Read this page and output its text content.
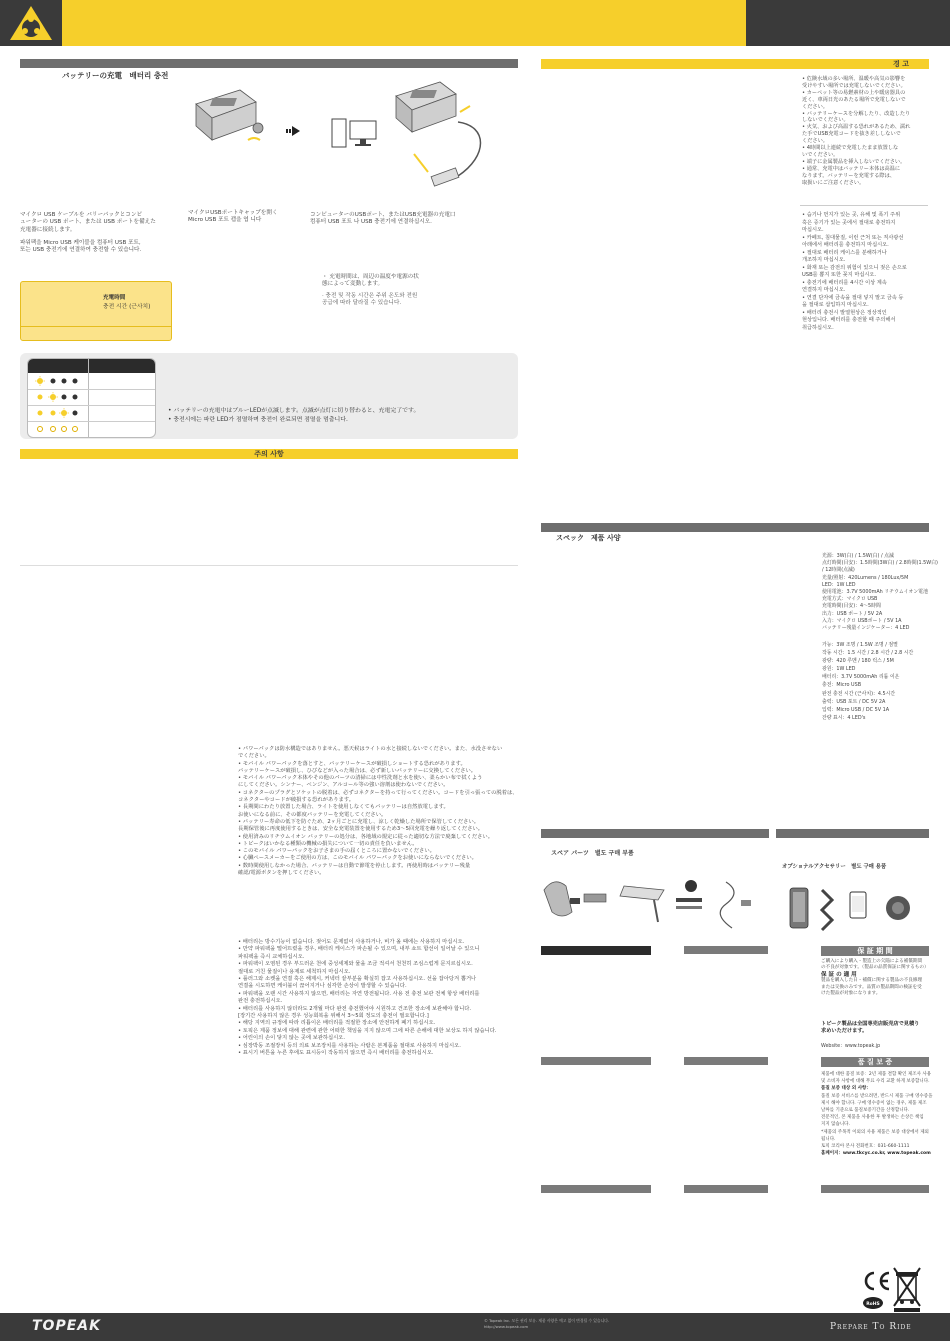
バッテリーの充電　배터리 충전
マイクロ USB ケーブルを バリーパックとコンピ
ューターの USB ポート、または USB ポートを備えた
充電器に接続します。
파워팩을 Micro USB 케이블을 컴퓨터 USB 포트,
또는 USB 충전기에 연결하여 충전할 수 있습니다.
マイクロUSBポートキャップを開く
Micro USB 포트 캡을 엽 니다
コンピューターのUSBポート、またはUSB充電器の充電口
컴퓨터 USB 포트 나 USB 충전기에 연결하십시오.
充電時間
충전 시간 (근사치)
・ 充電時間は、周辺の温度や電源の状
態によって変動します。
· 충전 및 작동 시간은 주위 온도와 전원
공급에 따라 달라질 수 있습니다.
• バッテリーの充電中はブルーLEDが点滅します。点滅が点灯に切り替わると、充電完了です。
• 충전시에는 파란 LED가 점멸하며 충전이 완료되면 점멸을 멈춥니다.
주의 사항
• パワーパックは防水構造ではありません。悪天候はライトの水と接続しないでください。また、水没させない
でください。
• モバイル パワーパックを落とすと、バッテリーケースが破損しショートする恐れがあります。
バッテリーケースが破損し、ひびなどが入った場合は、必ず新しいバッテリーに交換してください。
• モバイル パワーパック本体やその他のパーツの清掃には中性洗剤と水を使い、柔らかい布で拭くよう
にしてください。シンナー、ベンジン、アルコール等の強い溶剤は使わないでください。
• コネクターのプラグとソケットの脱着は、必ずコネクターを持って行ってください。コードを引っ張っての脱着は、
コネクターやコードが破損する恐れがあります。
• 長期間にわたり放置した場合、ライトを使用しなくてもバッテリーは自然放電します。
お使いになる前に、その都度バッテリーを充電してください。
• バッテリー寿命の低下を防ぐため、2ヶ月ごとに充電し、涼しく乾燥した場所で保管してください。
長期保管後に再度使用するときは、安全な充電装置を使用するため3〜5回充電を繰り返してください。
• 使用済みのリチウムイオン バッテリーの処分は、各地域の規定に従った適切な方法で廃棄してください。
• トピークはいかなる種類の機械の損失について一切の責任を負いません。
• このモバイル パワーパックをお子さまの手の届くところに置かないでください。
• 心臓ペースメーカーをご使用の方は、このモバイル パワーパックをお使いにならないでください。
• 数時間使用しなかった場合、バッテリーは自動で節電を停止します。再使用時はバッテリー残量
確認/電源ボタンを押してください。
• 배터리는 방수기능이 없습니다. 젖어도 문제없이 사용하거나, 비가 올 때에는 사용하지 마십시오.
• 만약 파워팩을 떨어뜨렸을 경우, 배터리 케이스가 파손될 수 있으며, 내부 쇼트 합선이 일어날 수 있으니
파워팩을 즉시 교체하십시오.
• 파워팩이 오염된 경우 부드러운 천에 중성세제와 물을 조금 적셔서 천천히 조심스럽게 문지르십시오.
절대로 거친 물질이나 용제로 세척하지 마십시오.
• 플러그와 소켓을 연결 혹은 해제시, 커넥터 끝부분을 확실히 잡고 사용하십시오. 선을 잡아당겨 뽑거나
연결을 시도하면 케이블이 끊어지거나 심각한 손상이 발생할 수 있습니다.
• 파워팩을 오랜 시간 사용하지 않으면, 배터리는 자연 방전됩니다. 사용 전 충전 보관 전체 항상 배터리를
완전 충전하십시오.
• 배터리를 사용하지 않더라도 2개월 마다 완전 충전했어야 시원하고 건조한 장소에 보관해야 합니다.
[장기간 사용하지 않은 경우 성능회복을 위해서 3~5회 정도의 충전이 필요합니다.]
• 해당 지역의 규정에 따라 리튬이온 배터리를 적절한 장소에 안전하게 폐기 하십시오.
• 토픽은 제품 정보에 대해 관련에 관한 어떠한 책임을 지지 않으며 그에 따른 손해에 대한 보상도 하지 않습니다.
• 어린이의 손이 닿지 않는 곳에 보관하십시오.
• 심장박동 조절장치 등의 의료 보조장치를 사용하는 사람은 본제품을 절대로 사용하지 마십시오.
• 표시기 버튼을 누른 후에도 표시등이 작동하지 않으면 즉시 배터리를 충전하십시오.
경 고
• 危険水域の多い場所、温暖や高気の影響を
受けやすい場所では充電しないでください。
• カーペット等の易燃素材の上や暖房器具の
近く、車両日光のあたる場所で充電しないで
ください。
• バッテリーケースを分解したり、改造したり
しないでください。
• 火気、および高温する恐れがあるため、濡れ
た手でUSB充電コードを抜き差ししないで
ください。
• 4時間以上連続で充電したまま放置しな
いでください。
• 端子に金属製品を挿入しないでください。
• 通常、充電中はバッテリー本体は高温に
なります。バッテリーを充電する際は、
取扱いにご注意ください。
• 습기나 먼지가 있는 곳, 유해 및 폭기 주위
혹은 증기가 있는 곳에서 절대로 충전하지
마십시오.
• 카페트, 침대물질, 이런 근처 또는 직사광선
아래에서 배터리를 충전하지 마십시오.
• 절대로 배터리 케이스를 분해하거나
개조하지 마십시오.
• 화재 또는 감전의 위험이 있으니 젖은 손으로
USB를 뽑지 또한 꽂지 마십시오.
• 충전기에 배터리를 4시간 이상 계속
연결하지 마십시오.
• 연결 단자에 금속을 절대 넣지 말고 금속 등
을 절대로 삽입하지 마십시오.
• 배터리 충전시 발열현상은 정상적인
현상입니다. 배터리를 충전할 때 주의해서
취급하십시오.
スペック　제품 사양
光源：3W(白) / 1.5W(白) / 点滅
点灯時間(目安)：1.5時間(3W白) / 2.8時間(1.5W白)
/ 12時間(点滅)
光量/照射：420Lumens / 180Lux/5M
LED：1W LED
使用電池：3.7V 5000mAh リチウムイオン電池
充電方式：マイクロ USB
充電時間(目安)：4〜5時間
出力：USB ポート / 5V 2A
入力：マイクロ USBポート / 5V 1A
バッテリー残量インジケーター：4 LED
가능：3W 조명 / 1.5W 조명 / 점멸
작동 시간：1.5 시간 / 2.8 시간 / 2.8 시간
광량：420 루멘 / 180 럭스 / 5M
광원：1W LED
배터리：3.7V 5000mAh 리튬 이온
충전：Micro USB
완전 충전 시간 (근사치)：4.5시간
출력：USB 포트 / DC 5V 2A
입력：Micro USB / DC 5V 1A
잔량 표시：4 LED's
スペア パーツ　별도 구매 부품
オプショナルアクセサリー　별도 구매 용품
保 証 期 間
ご購入により購入・製造上の欠陥による補償期間
の不良が対象です。（製品の品質保証に関するもの）
保 証 の 適 用
製品を購入した日・補償に関する製品の不良修理
または交換のみです。品質の製品期間の検証を受
けた製品が対象になります。
トピーク製品は全国専売店販売店で見積り
求めいただけます。
Website：www.topeak.jp
품 질 보 증
제품에 대한 품질 보증：2년 제품 결함 확인 제조사 사용
및 소비자 사항에 대해 무료 수리 교환 하게 보증합니다.
품질 보증 대상 외 사항：
품질 보증 서비스를 받으려면, 반드시 제품 구매 영수증을
제시 해야 합니다. 구매 영수증이 없는 경우, 제품 제조
날짜를 기준으로 품질보증기간을 산정합니다.
전문적인, 본 제품을 사용한 후 발생하는 손상은 책임
지지 않습니다.
*제품의 주목적 이외의 사용 제품은 보증 대상에서 제외됩니다.
토픽 코리아 본사 전화번호：031-660-1111
홈페이지：www.tkcyc.co.kr, www.topeak.com
RoHS
TOPEAK	© Topeak Inc. 모든 권리 보유. 제품 사양은 예고 없이 변경될 수 있습니다.
http://www.topeak.com	Prepare To Ride
